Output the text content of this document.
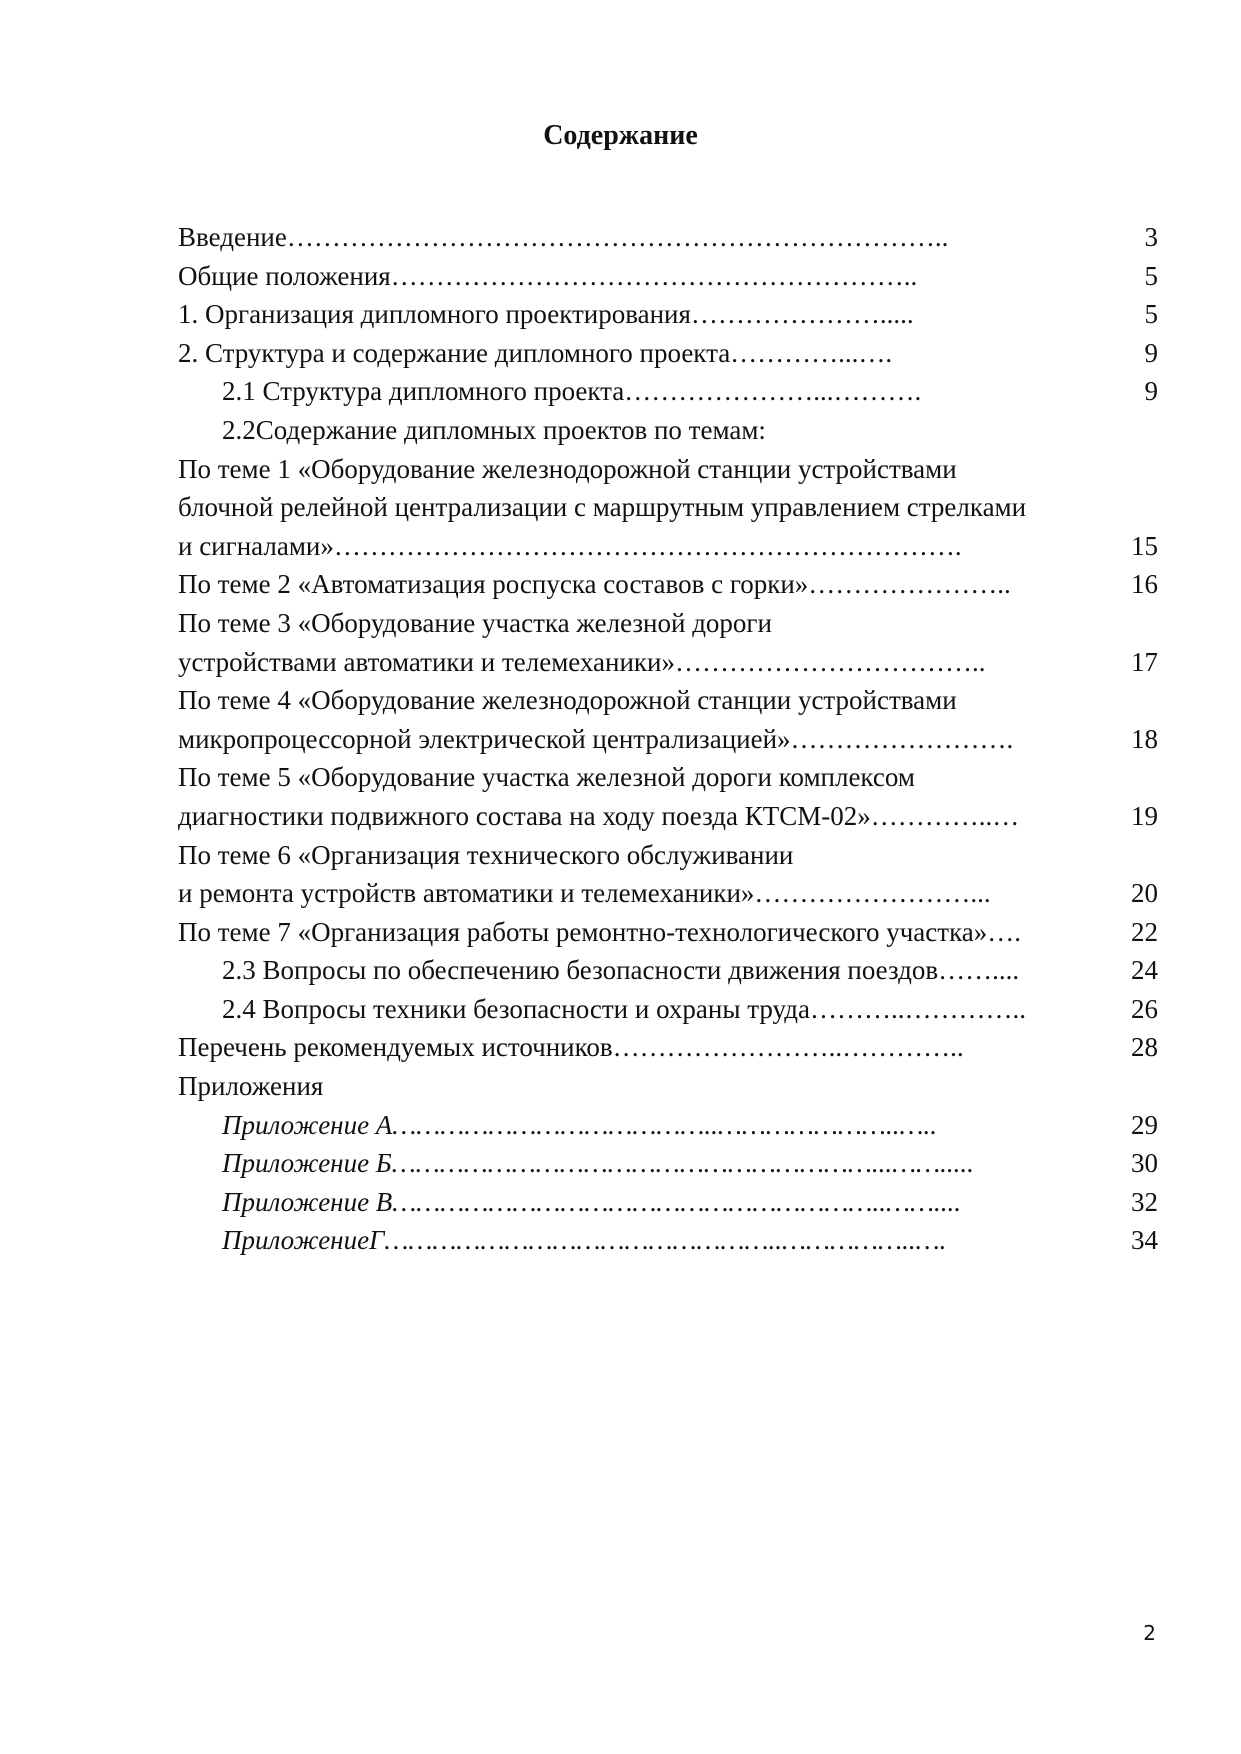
Содержание
Введение………………………………………………………………..	3
Общие положения…………………………………………………..	5
1. Организация дипломного проектирования………………….....	5
2. Структура и содержание дипломного проекта…………...….	9
2.1 Структура дипломного проекта…………………...……….	9
2.2Содержание дипломных проектов по темам:
По теме 1 «Оборудование железнодорожной станции устройствами
блочной релейной централизации с маршрутным управлением стрелками
и сигналами»…………………………………………………………….	15
По теме 2 «Автоматизация роспуска составов с горки»…………………..	16
По теме 3 «Оборудование участка железной дороги
устройствами автоматики и телемеханики»……………………………..	17
По теме 4 «Оборудование железнодорожной станции устройствами
микропроцессорной электрической централизацией»…………………….	18
По теме 5 «Оборудование участка железной дороги комплексом
диагностики подвижного состава на ходу поезда КТСМ-02»…………..…	19
По теме 6 «Организация технического обслуживании
и ремонта устройств автоматики и телемеханики»……………………...	20
По теме 7 «Организация работы ремонтно-технологического участка»….	22
2.3 Вопросы по обеспечению безопасности движения поездов……....	24
2.4 Вопросы техники безопасности и охраны труда………..…………..	26
Перечень рекомендуемых источников……………………..…………..	28
Приложения
Приложение А…………………………………..…………………..…..	29
Приложение Б……………………………………………………...…….....	30
Приложение В……………………………………………………..……....	32
ПриложениеГ…………………………………………..……………..….	34
2
